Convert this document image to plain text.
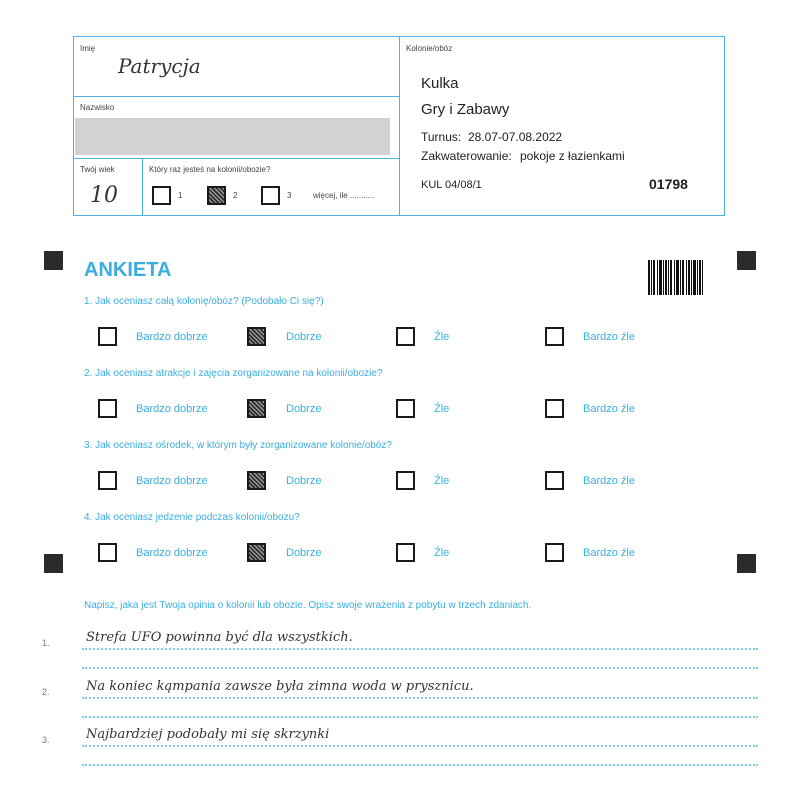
Imię
Patrycja
Nazwisko
Twój wiek
10
Który raz jesteś na kolonii/obozie?
1	2	3	więcej, ile ...........
Kolonie/obóz
Kulka
Gry i Zabawy
Turnus: 28.07-07.08.2022
Zakwaterowanie: pokoje z łazienkami
KUL 04/08/1	01798
ANKIETA
1. Jak oceniasz całą kolonię/obóz? (Podobało Ci się?)
Bardzo dobrze	Dobrze	Źle	Bardzo źle
2. Jak oceniasz atrakcje i zajęcia zorganizowane na kolonii/obozie?
Bardzo dobrze	Dobrze	Źle	Bardzo źle
3. Jak oceniasz ośrodek, w którym były zorganizowane kolonie/obóz?
Bardzo dobrze	Dobrze	Źle	Bardzo źle
4. Jak oceniasz jedzenie podczas kolonii/obozu?
Bardzo dobrze	Dobrze	Źle	Bardzo źle
Napisz, jaka jest Twoja opinia o kolonii lub obozie. Opisz swoje wrażenia z pobytu w trzech zdaniach.
1.	Strefa UFO powinna być dla wszystkich.
2.	Na koniec kąmpania zawsze była zimna woda w prysznicu.
3.	Najbardziej podobały mi się skrzynki
